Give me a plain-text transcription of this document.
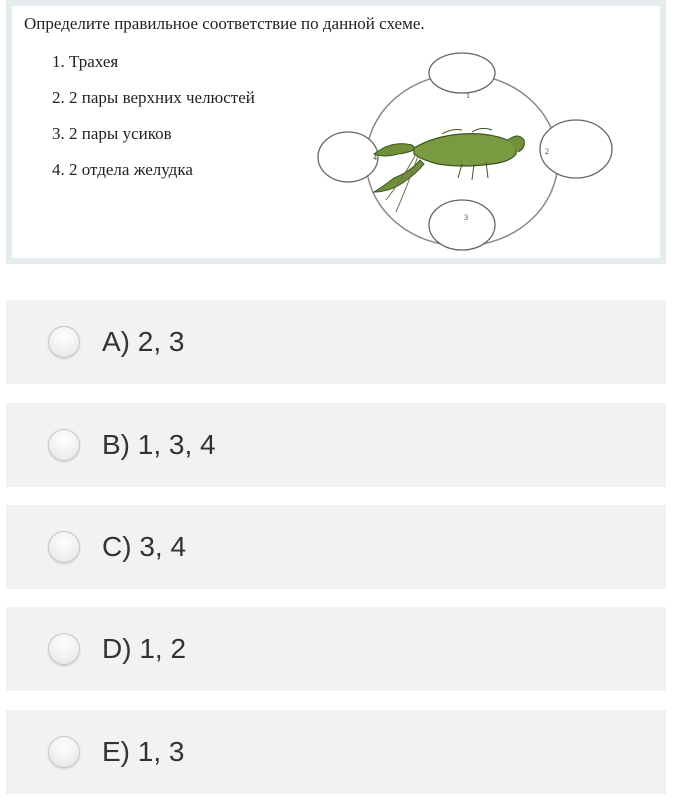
Определите правильное соответствие по данной схеме.
1. Трахея
2. 2 пары верхних челюстей
3. 2 пары усиков
4. 2 отдела желудка
1
2
3
4
A) 2, 3
B) 1, 3, 4
C) 3, 4
D) 1, 2
E) 1, 3
